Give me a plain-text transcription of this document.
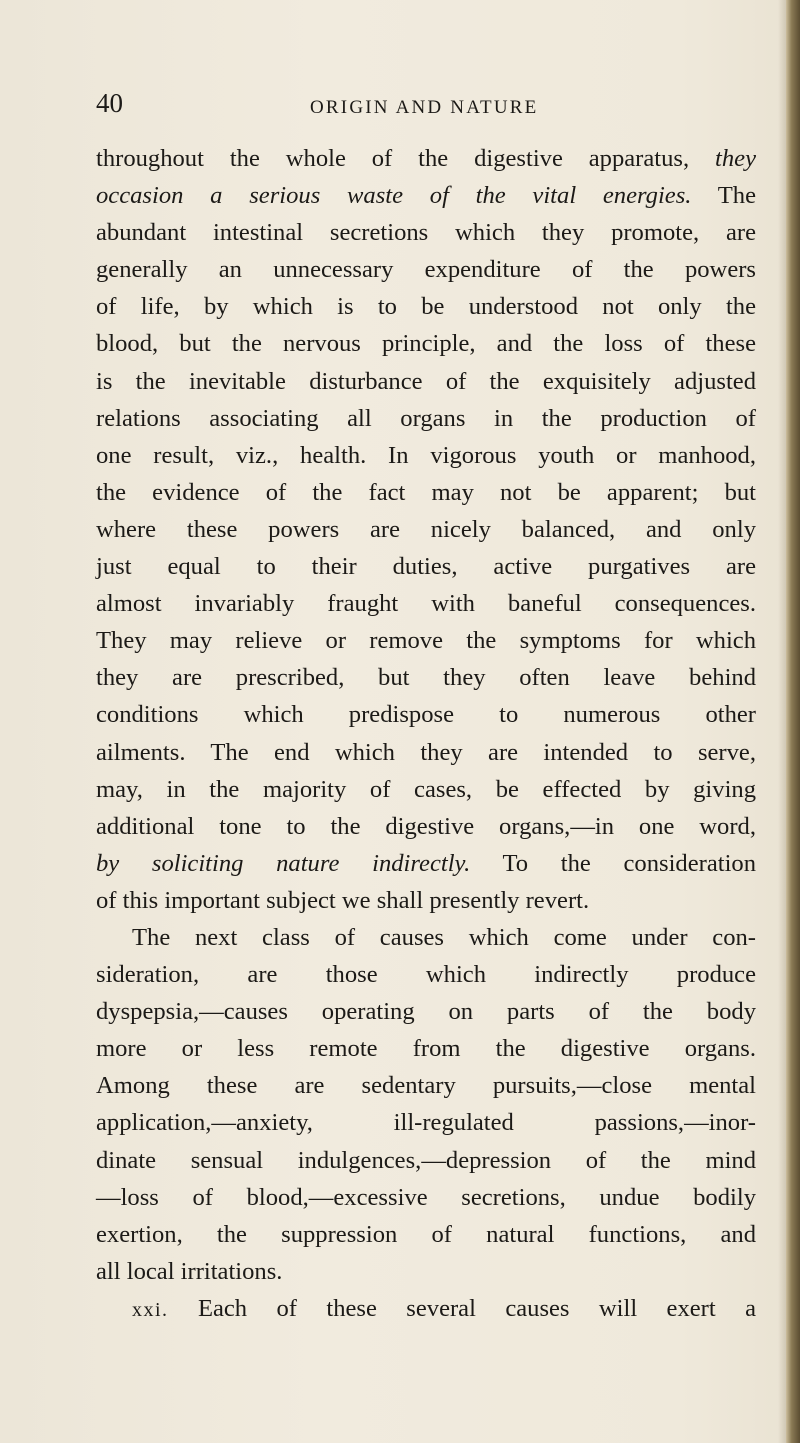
40	ORIGIN AND NATURE
throughout the whole of the digestive apparatus, they
occasion a serious waste of the vital energies. The
abundant intestinal secretions which they promote, are
generally an unnecessary expenditure of the powers
of life, by which is to be understood not only the
blood, but the nervous principle, and the loss of these
is the inevitable disturbance of the exquisitely adjusted
relations associating all organs in the production of
one result, viz., health. In vigorous youth or manhood,
the evidence of the fact may not be apparent; but
where these powers are nicely balanced, and only
just equal to their duties, active purgatives are
almost invariably fraught with baneful consequences.
They may relieve or remove the symptoms for which
they are prescribed, but they often leave behind
conditions which predispose to numerous other
ailments. The end which they are intended to serve,
may, in the majority of cases, be effected by giving
additional tone to the digestive organs,—in one word,
by soliciting nature indirectly. To the consideration
of this important subject we shall presently revert.
The next class of causes which come under con-
sideration, are those which indirectly produce
dyspepsia,—causes operating on parts of the body
more or less remote from the digestive organs.
Among these are sedentary pursuits,—close mental
application,—anxiety, ill-regulated passions,—inor-
dinate sensual indulgences,—depression of the mind
—loss of blood,—excessive secretions, undue bodily
exertion, the suppression of natural functions, and
all local irritations.
xxi. Each of these several causes will exert a
